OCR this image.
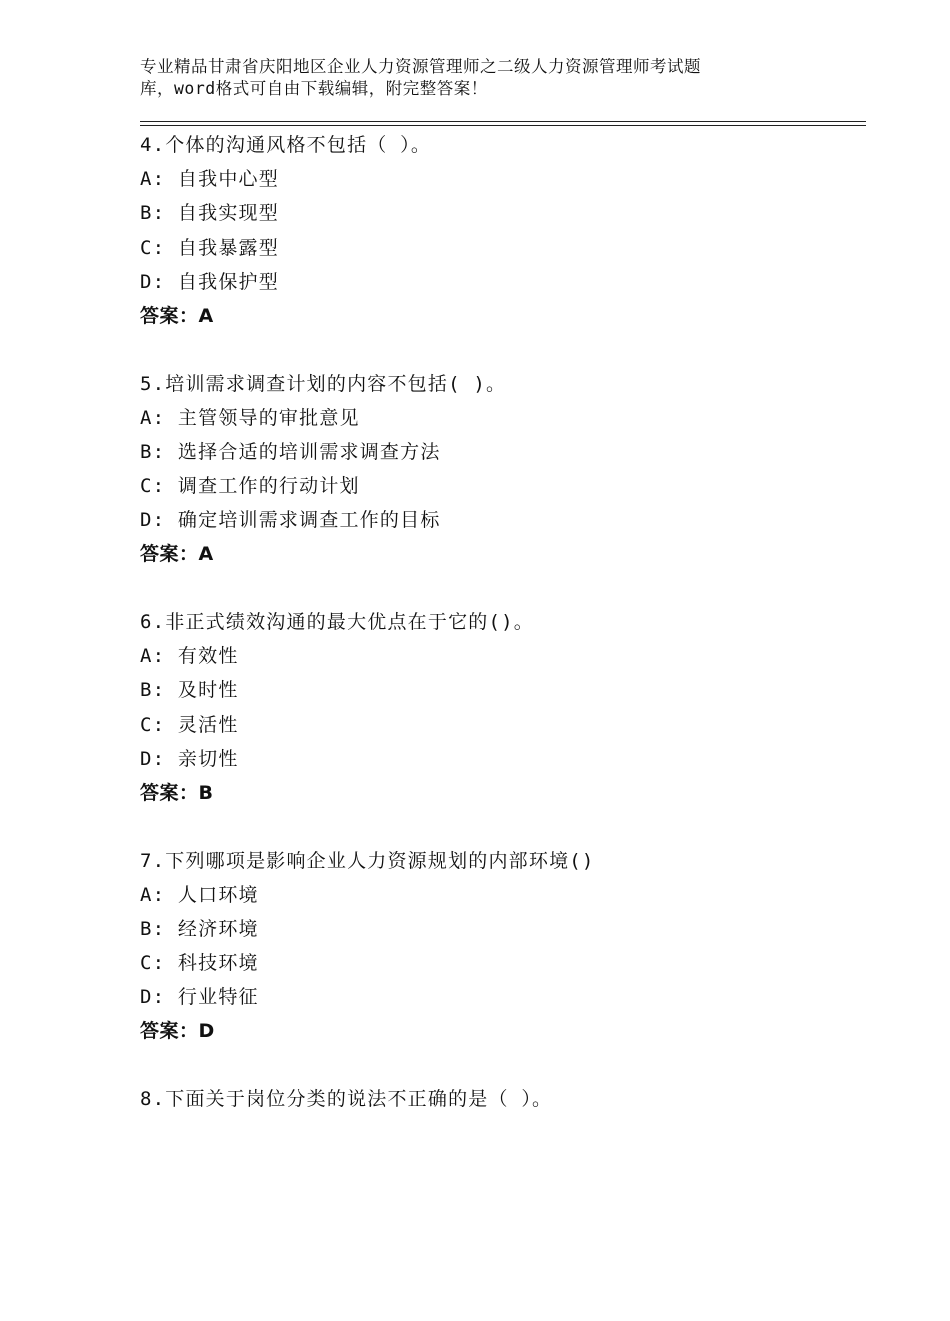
专业精品甘肃省庆阳地区企业人力资源管理师之二级人力资源管理师考试题
库，word格式可自由下载编辑，附完整答案！
4.个体的沟通风格不包括（ ）。
A: 自我中心型
B: 自我实现型
C: 自我暴露型
D: 自我保护型
答案：A
5.培训需求调查计划的内容不包括( )。
A: 主管领导的审批意见
B: 选择合适的培训需求调查方法
C: 调查工作的行动计划
D: 确定培训需求调查工作的目标
答案：A
6.非正式绩效沟通的最大优点在于它的()。
A: 有效性
B: 及时性
C: 灵活性
D: 亲切性
答案：B
7.下列哪项是影响企业人力资源规划的内部环境()
A: 人口环境
B: 经济环境
C: 科技环境
D: 行业特征
答案：D
8.下面关于岗位分类的说法不正确的是（ ）。
